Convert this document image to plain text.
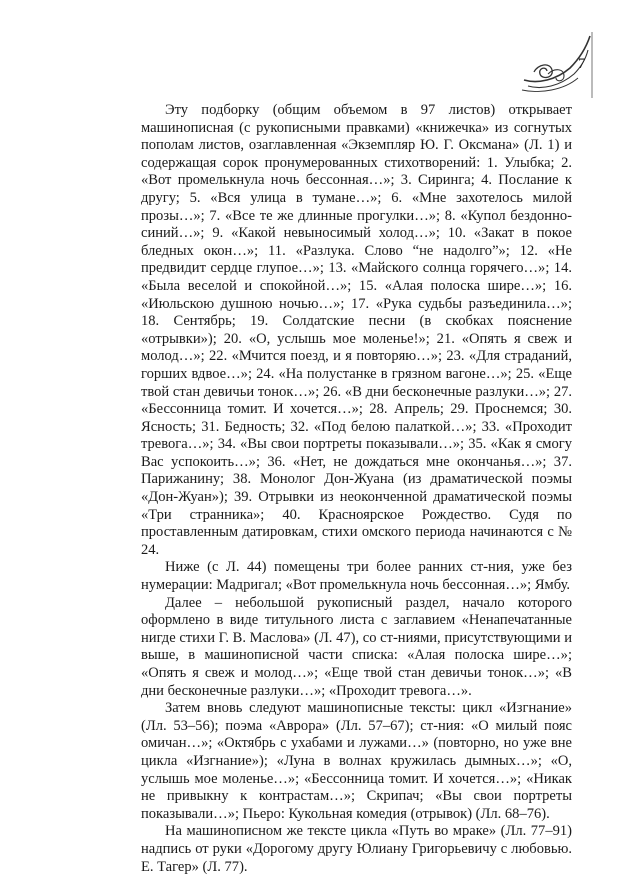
7

Эту подборку (общим объемом в 97 листов) открывает машинописная (с рукописными правками) «книжечка» из согнутых пополам листов, озаглавленная «Экземпляр Ю. Г. Оксмана» (Л. 1) и содержащая сорок пронумерованных стихотворений: 1. Улыбка; 2. «Вот промелькнула ночь бессонная…»; 3. Сиринга; 4. Послание к другу; 5. «Вся улица в тумане…»; 6. «Мне захотелось милой прозы…»; 7. «Все те же длинные прогулки…»; 8. «Купол бездонно-синий…»; 9. «Какой невыносимый холод…»; 10. «Закат в покое бледных окон…»; 11. «Разлука. Слово “не надолго”»; 12. «Не предвидит сердце глупое…»; 13. «Майского солнца горячего…»; 14. «Была веселой и спокойной…»; 15. «Алая полоска шире…»; 16. «Июльскою душною ночью…»; 17. «Рука судьбы разъединила…»; 18. Сентябрь; 19. Солдатские песни (в скобках пояснение «отрывки»); 20. «О, услышь мое моленье!»; 21. «Опять я свеж и молод…»; 22. «Мчится поезд, и я повторяю…»; 23. «Для страданий, горших вдвое…»; 24. «На полустанке в грязном вагоне…»; 25. «Еще твой стан девичьи тонок…»; 26. «В дни бесконечные разлуки…»; 27. «Бессонница томит. И хочется…»; 28. Апрель; 29. Проснемся; 30. Ясность; 31. Бедность; 32. «Под белою палаткой…»; 33. «Проходит тревога…»; 34. «Вы свои портреты показывали…»; 35. «Как я смогу Вас успокоить…»; 36. «Нет, не дождаться мне окончанья…»; 37. Парижанину; 38. Монолог Дон-Жуана (из драматической поэмы «Дон-Жуан»); 39. Отрывки из неоконченной драматической поэмы «Три странника»; 40. Красноярское Рождество. Судя по проставленным датировкам, стихи омского периода начинаются с № 24.

Ниже (с Л. 44) помещены три более ранних ст-ния, уже без нумерации: Мадригал; «Вот промелькнула ночь бессонная…»; Ямбу.

Далее – небольшой рукописный раздел, начало которого оформлено в виде титульного листа с заглавием «Ненапечатанные нигде стихи Г. В. Маслова» (Л. 47), со ст-ниями, присутствующими и выше, в машинописной части списка: «Алая полоска шире…»; «Опять я свеж и молод…»; «Еще твой стан девичьи тонок…»; «В дни бесконечные разлуки…»; «Проходит тревога…».

Затем вновь следуют машинописные тексты: цикл «Изгнание» (Лл. 53–56); поэма «Аврора» (Лл. 57–67); ст-ния: «О милый пояс омичан…»; «Октябрь с ухабами и лужами…» (повторно, но уже вне цикла «Изгнание»); «Луна в волнах кружилась дымных…»; «О, услышь мое моленье…»; «Бессонница томит. И хочется…»; «Никак не привыкну к контрастам…»; Скрипач; «Вы свои портреты показывали…»; Пьеро: Кукольная комедия (отрывок) (Лл. 68–76).

На машинописном же тексте цикла «Путь во мраке» (Лл. 77–91) надпись от руки «Дорогому другу Юлиану Григорьевичу с любовью. Е. Тагер» (Л. 77).
